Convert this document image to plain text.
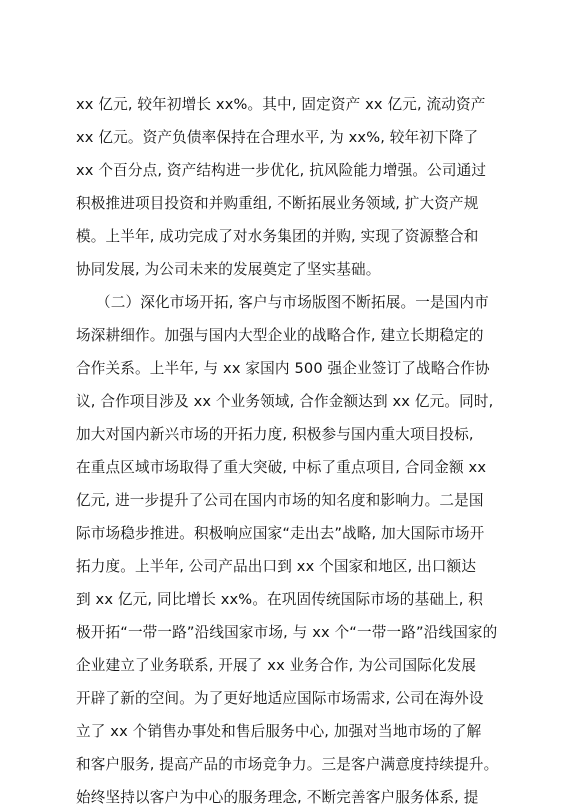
xx 亿元, 较年初增长 xx%。其中, 固定资产 xx 亿元, 流动资产
xx 亿元。资产负债率保持在合理水平, 为 xx%, 较年初下降了
xx 个百分点, 资产结构进一步优化, 抗风险能力增强。公司通过
积极推进项目投资和并购重组, 不断拓展业务领域, 扩大资产规
模。上半年, 成功完成了对水务集团的并购, 实现了资源整合和
协同发展, 为公司未来的发展奠定了坚实基础。
（二）深化市场开拓, 客户与市场版图不断拓展。一是国内市
场深耕细作。加强与国内大型企业的战略合作, 建立长期稳定的
合作关系。上半年, 与 xx 家国内 500 强企业签订了战略合作协
议, 合作项目涉及 xx 个业务领域, 合作金额达到 xx 亿元。同时,
加大对国内新兴市场的开拓力度, 积极参与国内重大项目投标,
在重点区域市场取得了重大突破, 中标了重点项目, 合同金额 xx
亿元, 进一步提升了公司在国内市场的知名度和影响力。二是国
际市场稳步推进。积极响应国家“走出去”战略, 加大国际市场开
拓力度。上半年, 公司产品出口到 xx 个国家和地区, 出口额达
到 xx 亿元, 同比增长 xx%。在巩固传统国际市场的基础上, 积
极开拓“一带一路”沿线国家市场, 与 xx 个“一带一路”沿线国家的
企业建立了业务联系, 开展了 xx 业务合作, 为公司国际化发展
开辟了新的空间。为了更好地适应国际市场需求, 公司在海外设
立了 xx 个销售办事处和售后服务中心, 加强对当地市场的了解
和客户服务, 提高产品的市场竞争力。三是客户满意度持续提升。
始终坚持以客户为中心的服务理念, 不断完善客户服务体系, 提
